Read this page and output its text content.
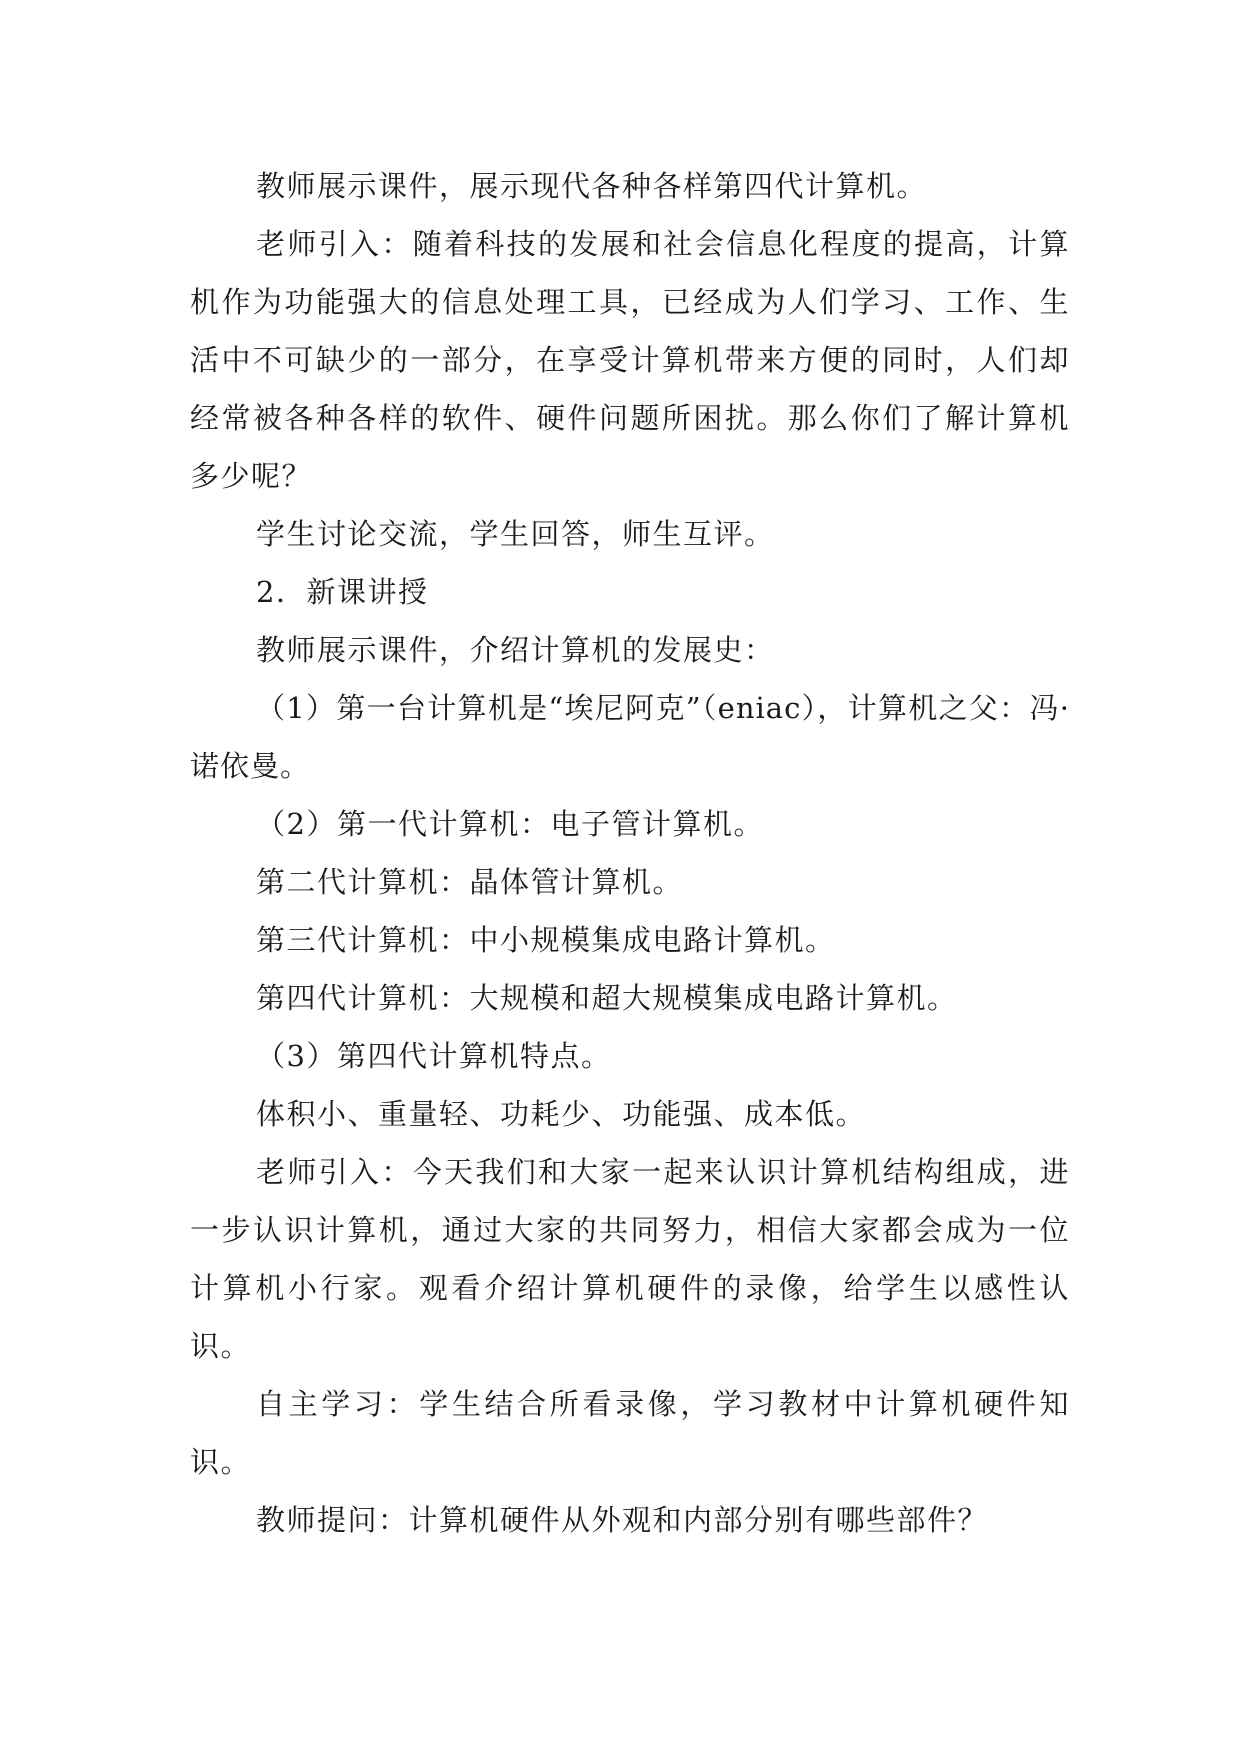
教师展示课件，展示现代各种各样第四代计算机。

老师引入：随着科技的发展和社会信息化程度的提高，计算机作为功能强大的信息处理工具，已经成为人们学习、工作、生活中不可缺少的一部分，在享受计算机带来方便的同时，人们却经常被各种各样的软件、硬件问题所困扰。那么你们了解计算机多少呢？

学生讨论交流，学生回答，师生互评。

2．新课讲授

教师展示课件，介绍计算机的发展史：

（1）第一台计算机是“埃尼阿克”（eniac），计算机之父：冯·诺依曼。

（2）第一代计算机：电子管计算机。

第二代计算机：晶体管计算机。

第三代计算机：中小规模集成电路计算机。

第四代计算机：大规模和超大规模集成电路计算机。

（3）第四代计算机特点。

体积小、重量轻、功耗少、功能强、成本低。

老师引入：今天我们和大家一起来认识计算机结构组成，进一步认识计算机，通过大家的共同努力，相信大家都会成为一位计算机小行家。观看介绍计算机硬件的录像，给学生以感性认识。

自主学习：学生结合所看录像，学习教材中计算机硬件知识。

教师提问：计算机硬件从外观和内部分别有哪些部件？
